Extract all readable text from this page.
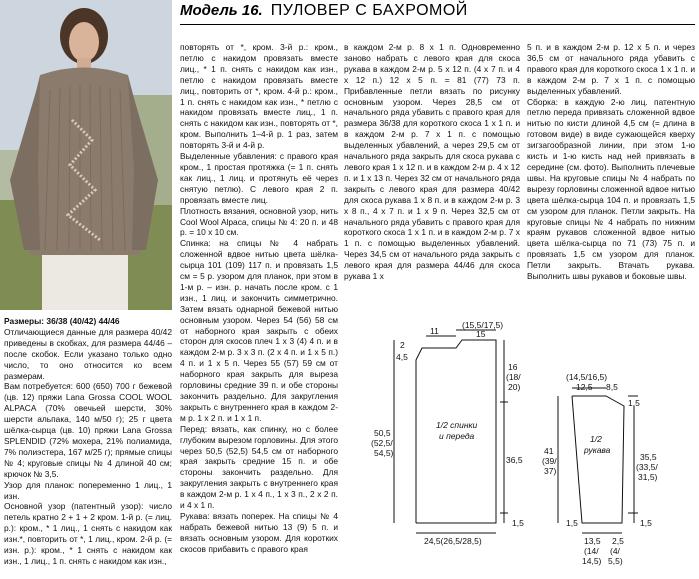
Модель 16. ПУЛОВЕР С БАХРОМОЙ

Размеры: 36/38 (40/42) 44/46

Отличающиеся данные для размера 40/42 приведены в скобках, для размера 44/46 – после скобок. Если указано только одно число, то оно относится ко всем размерам.

Вам потребуется: 600 (650) 700 г бежевой (цв. 12) пряжи Lana Grossa COOL WOOL ALPACA (70% овечьей шерсти, 30% шерсти альпака, 140 м/50 г); 25 г цвета шёлка-сырца (цв. 10) пряжи Lana Grossa SPLENDID (72% мохера, 21% полиамида, 7% полиэстера, 167 м/25 г); прямые спицы № 4; круговые спицы № 4 длиной 40 см; крючок № 3,5.

Узор для планок: попеременно 1 лиц., 1 изн.

Основной узор (патентный узор): число петель кратно 2 + 1 + 2 кром. 1-й р. (= лиц. р.): кром., * 1 лиц., 1 снять с накидом как изн.*, повторить от *, 1 лиц., кром. 2-й р. (= изн. р.): кром., * 1 снять с накидом как изн., 1 лиц., 1 п. снять с накидом как изн.,

повторять от *, кром. 3-й р.: кром., петлю с накидом провязать вместе лиц., * 1 п. снять с накидом как изн., петлю с накидом провязать вместе лиц., повторить от *, кром. 4-й р.: кром., 1 п. снять с накидом как изн., * петлю с накидом провязать вместе лиц., 1 п. снять с накидом как изн., повторять от *, кром. Выполнить 1–4-й р. 1 раз, затем повторять 3-й и 4-й р.

Выделенные убавления: с правого края кром., 1 простая протяжка (= 1 п. снять как лиц., 1 лиц. и протянуть её через снятую петлю). С левого края 2 п. провязать вместе лиц.

Плотность вязания, основной узор, нить Cool Wool Alpaca, спицы № 4: 20 п. и 48 р. = 10 х 10 см.

Спинка: на спицы № 4 набрать сложенной вдвое нитью цвета шёлка-сырца 101 (109) 117 п. и провязать 1,5 см = 5 р. узором для планок, при этом в 1-м р. – изн. р. начать после кром. с 1 изн., 1 лиц. и закончить симметрично. Затем вязать однарной бежевой нитью основным узором. Через 54 (56) 58 см от наборного края закрыть с обеих сторон для скосов плеч 1 х 3 (4) 4 п. и в каждом 2-м р. 3 х 3 п. (2 х 4 п. и 1 х 5 п.) 4 п. и 1 х 5 п. Через 55 (57) 59 см от наборного края закрыть для выреза горловины средние 39 п. и обе стороны закончить раздельно. Для закругления закрыть с внутреннего края в каждом 2-м р. 1 х 2 п. и 1 х 1 п.

Перед: вязать, как спинку, но с более глубоким вырезом горловины. Для этого через 50,5 (52,5) 54,5 см от наборного края закрыть средние 15 п. и обе стороны закончить раздельно. Для закругления закрыть с внутреннего края в каждом 2-м р. 1 х 4 п., 1 х 3 п., 2 х 2 п. и 4 х 1 п.

Рукава: вязать поперек. На спицы № 4 набрать бежевой нитью 13 (9) 5 п. и вязать основным узором. Для коротких скосов прибавить с правого края

в каждом 2-м р. 8 х 1 п. Одновременно заново набрать с левого края для скоса рукава в каждом 2-м р. 5 х 12 п. (4 х 7 п. и 4 х 12 п.) 12 х 5 п. = 81 (77) 73 п. Прибавленные петли вязать по рисунку основным узором. Через 28,5 см от начального ряда убавить с правого края для размера 36/38 для короткого скоса 1 х 1 п. и в каждом 2-м р. 7 х 1 п. с помощью выделенных убавлений, а через 29,5 см от начального ряда закрыть для скоса рукава с левого края 1 х 12 п. и в каждом 2-м р. 4 х 12 п. и 1 х 13 п. Через 32 см от начального ряда закрыть с левого края для размера 40/42 для скоса рукава 1 х 8 п. и в каждом 2-м р. 3 х 8 п., 4 х 7 п. и 1 х 9 п. Через 32,5 см от начального ряда убавить с правого края для короткого скоса 1 х 1 п. и в каждом 2-м р. 7 х 1 п. с помощью выделенных убавлений. Через 34,5 см от начального ряда закрыть с левого края для размера 44/46 для скоса рукава 1 х

5 п. и в каждом 2-м р. 12 х 5 п. и через 36,5 см от начального ряда убавить с правого края для короткого скоса 1 х 1 п. и в каждом 2-м р. 7 х 1 п. с помощью выделенных убавлений.

Сборка: в каждую 2-ю лиц. патентную петлю переда привязать сложенной вдвое нитью по кисти длиной 4,5 см (= длина в готовом виде) в виде сужающейся кверху зигзагообразной линии, при этом 1-ю кисть и 1-ю кисть над ней привязать в середине (см. фото). Выполнить плечевые швы. На круговые спицы № 4 набрать по вырезу горловины сложенной вдвое нитью цвета шёлка-сырца 104 п. и провязать 1,5 см узором для планок. Петли закрыть. На круговые спицы № 4 набрать по нижним краям рукавов сложенной вдвое нитью цвета шёлка-сырца по 71 (73) 75 п. и провязать 1,5 см узором для планок. Петли закрыть. Втачать рукава. Выполнить швы рукавов и боковые швы.

(15,5/17,5)
15
11
2
4,5
16
(18/
20)
50,5
(52,5/
54,5)
1/2 спинки
и переда
36,5
1,5
24,5(26,5/28,5)
(14,5/16,5)
12,5 8,5
1,5
1/2
рукава
41
(39/
37)
35,5
(33,5/
31,5)
1,5
13,5
(14/
14,5)
2,5
(4/
5,5)
1,5
